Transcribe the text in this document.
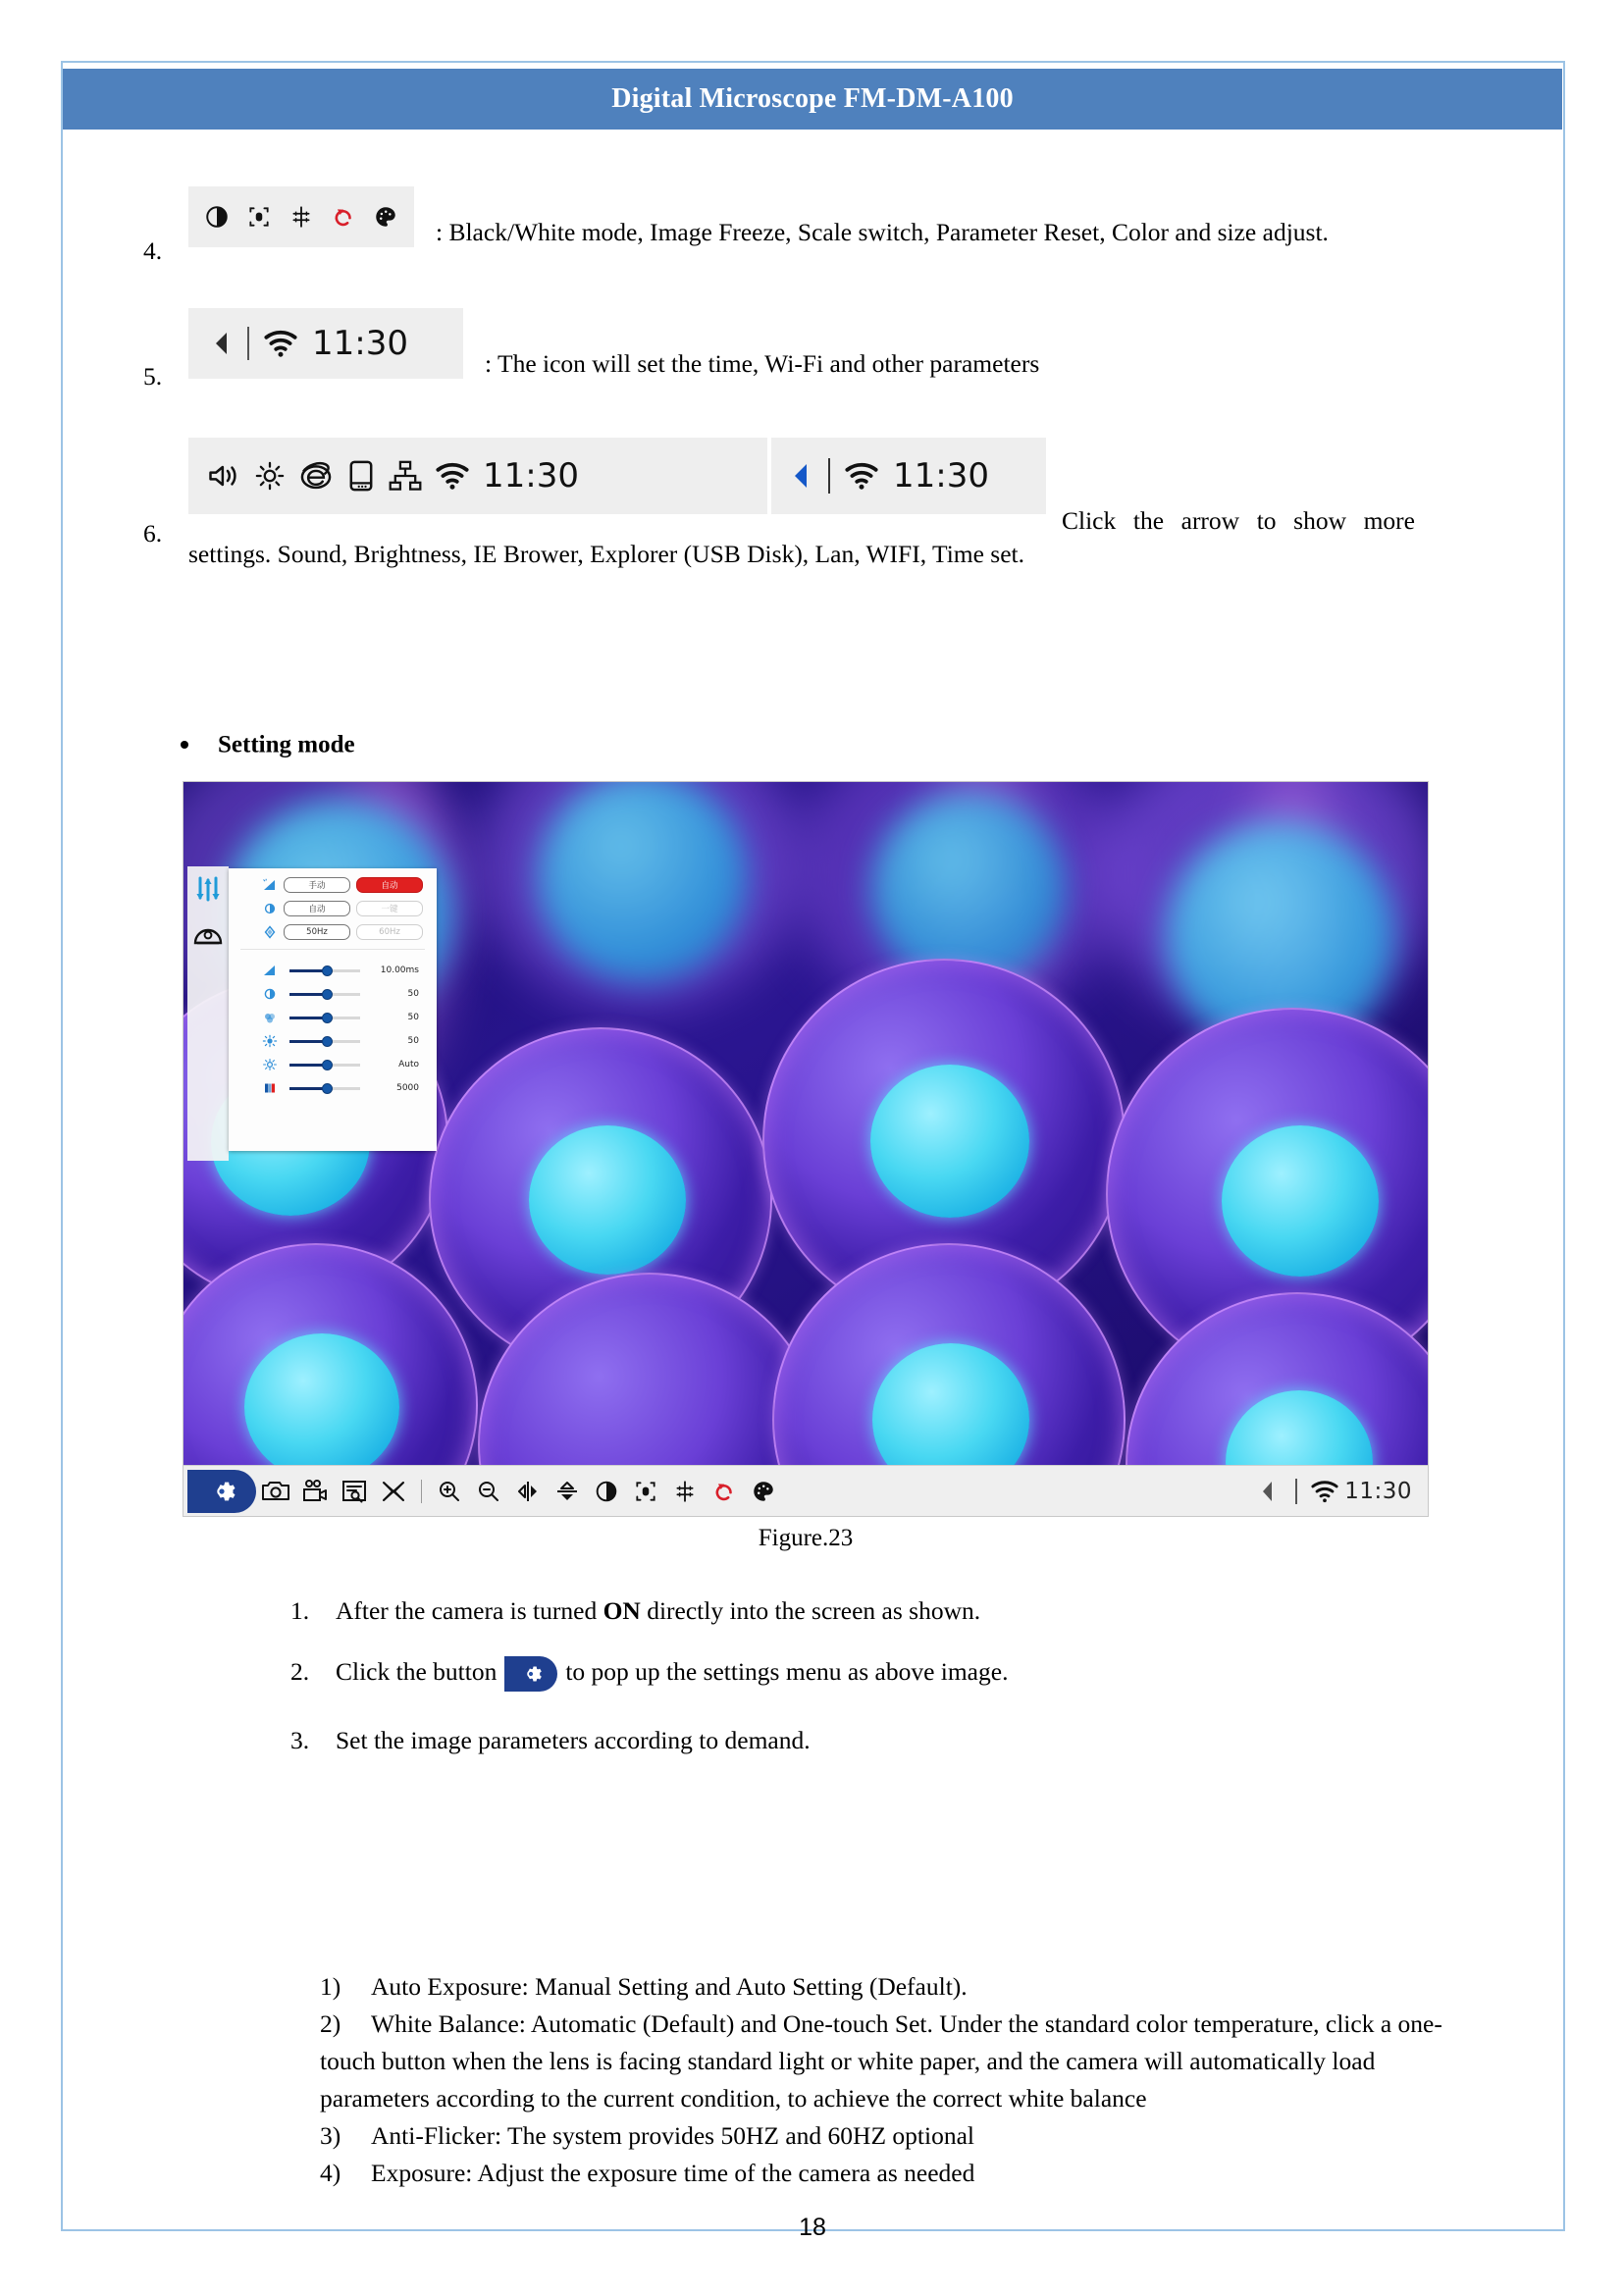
Digital Microscope FM-DM-A100
4.
: Black/White mode, Image Freeze, Scale switch, Parameter Reset, Color and size adjust.
5.
11:30
: The icon will set the time, Wi-Fi and other parameters
6.
11:30	11:30
Click the arrow to show more settings. Sound, Brightness, IE Brower, Explorer (USB Disk), Lan, WIFI, Time set.
Setting mode
手动	自动
自动	一键
50Hz	60Hz
10.00ms
50
50
50
Auto
5000
11:30
Figure.23
1.	After the camera is turned ON directly into the screen as shown.
2.	Click the button	to pop up the settings menu as above image.
3.	Set the image parameters according to demand.
1)	Auto Exposure: Manual Setting and Auto Setting (Default).
2)	White Balance: Automatic (Default) and One-touch Set. Under the standard color temperature, click a one-touch button when the lens is facing standard light or white paper, and the camera will automatically load parameters according to the current condition, to achieve the correct white balance
3)	Anti-Flicker: The system provides 50HZ and 60HZ optional
4)	Exposure: Adjust the exposure time of the camera as needed
18
